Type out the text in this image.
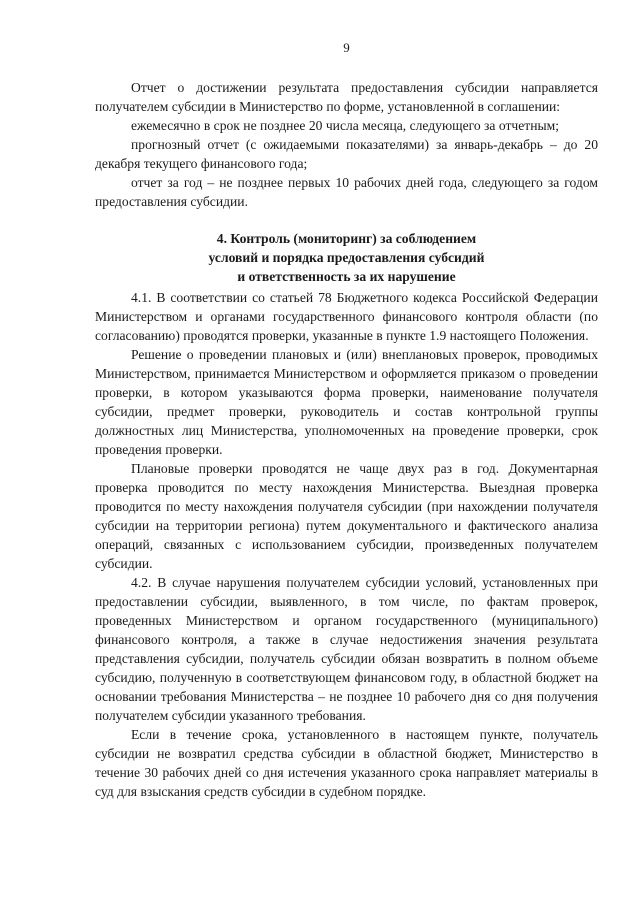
9

Отчет о достижении результата предоставления субсидии направляется получателем субсидии в Министерство по форме, установленной в соглашении:

ежемесячно в срок не позднее 20 числа месяца, следующего за отчетным;

прогнозный отчет (с ожидаемыми показателями) за январь-декабрь – до 20 декабря текущего финансового года;

отчет за год – не позднее первых 10 рабочих дней года, следующего за годом предоставления субсидии.

4. Контроль (мониторинг) за соблюдением
условий и порядка предоставления субсидий
и ответственность за их нарушение

4.1. В соответствии со статьей 78 Бюджетного кодекса Российской Федерации Министерством и органами государственного финансового контроля области (по согласованию) проводятся проверки, указанные в пункте 1.9 настоящего Положения.

Решение о проведении плановых и (или) внеплановых проверок, проводимых Министерством, принимается Министерством и оформляется приказом о проведении проверки, в котором указываются форма проверки, наименование получателя субсидии, предмет проверки, руководитель и состав контрольной группы должностных лиц Министерства, уполномоченных на проведение проверки, срок проведения проверки.

Плановые проверки проводятся не чаще двух раз в год. Документарная проверка проводится по месту нахождения Министерства. Выездная проверка проводится по месту нахождения получателя субсидии (при нахождении получателя субсидии на территории региона) путем документального и фактического анализа операций, связанных с использованием субсидии, произведенных получателем субсидии.

4.2. В случае нарушения получателем субсидии условий, установленных при предоставлении субсидии, выявленного, в том числе, по фактам проверок, проведенных Министерством и органом государственного (муниципального) финансового контроля, а также в случае недостижения значения результата представления субсидии, получатель субсидии обязан возвратить в полном объеме субсидию, полученную в соответствующем финансовом году, в областной бюджет на основании требования Министерства – не позднее 10 рабочего дня со дня получения получателем субсидии указанного требования.

Если в течение срока, установленного в настоящем пункте, получатель субсидии не возвратил средства субсидии в областной бюджет, Министерство в течение 30 рабочих дней со дня истечения указанного срока направляет материалы в суд для взыскания средств субсидии в судебном порядке.
